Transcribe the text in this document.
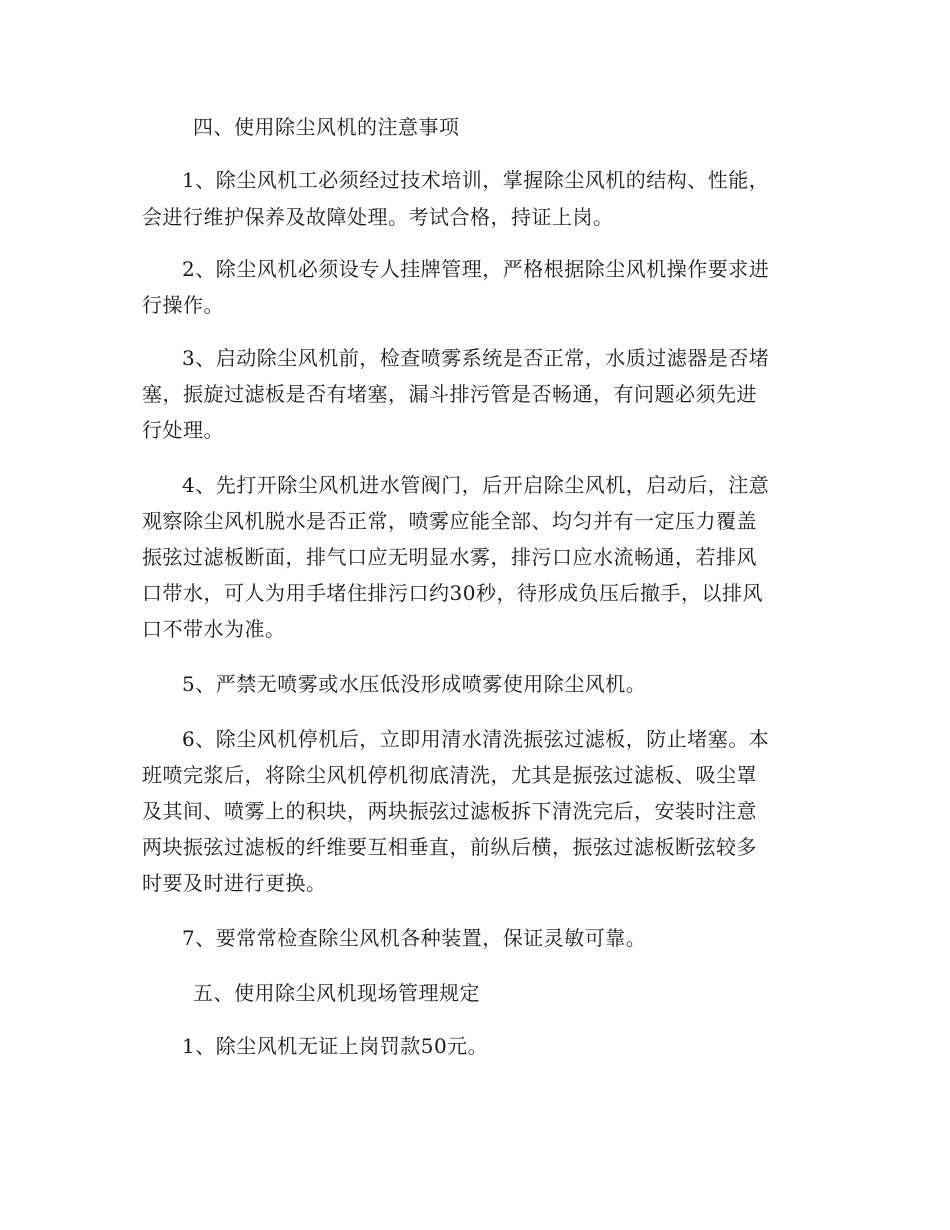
四、使用除尘风机的注意事项
1、除尘风机工必须经过技术培训，掌握除尘风机的结构、性能，
会进行维护保养及故障处理。考试合格，持证上岗。
2、除尘风机必须设专人挂牌管理，严格根据除尘风机操作要求进
行操作。
3、启动除尘风机前，检查喷雾系统是否正常，水质过滤器是否堵
塞，振旋过滤板是否有堵塞，漏斗排污管是否畅通，有问题必须先进
行处理。
4、先打开除尘风机进水管阀门，后开启除尘风机，启动后，注意
观察除尘风机脱水是否正常，喷雾应能全部、均匀并有一定压力覆盖
振弦过滤板断面，排气口应无明显水雾，排污口应水流畅通，若排风
口带水，可人为用手堵住排污口约30秒，待形成负压后撤手，以排风
口不带水为准。
5、严禁无喷雾或水压低没形成喷雾使用除尘风机。
6、除尘风机停机后，立即用清水清洗振弦过滤板，防止堵塞。本
班喷完浆后，将除尘风机停机彻底清洗，尤其是振弦过滤板、吸尘罩
及其间、喷雾上的积块，两块振弦过滤板拆下清洗完后，安装时注意
两块振弦过滤板的纤维要互相垂直，前纵后横，振弦过滤板断弦较多
时要及时进行更换。
7、要常常检查除尘风机各种装置，保证灵敏可靠。
五、使用除尘风机现场管理规定
1、除尘风机无证上岗罚款50元。
